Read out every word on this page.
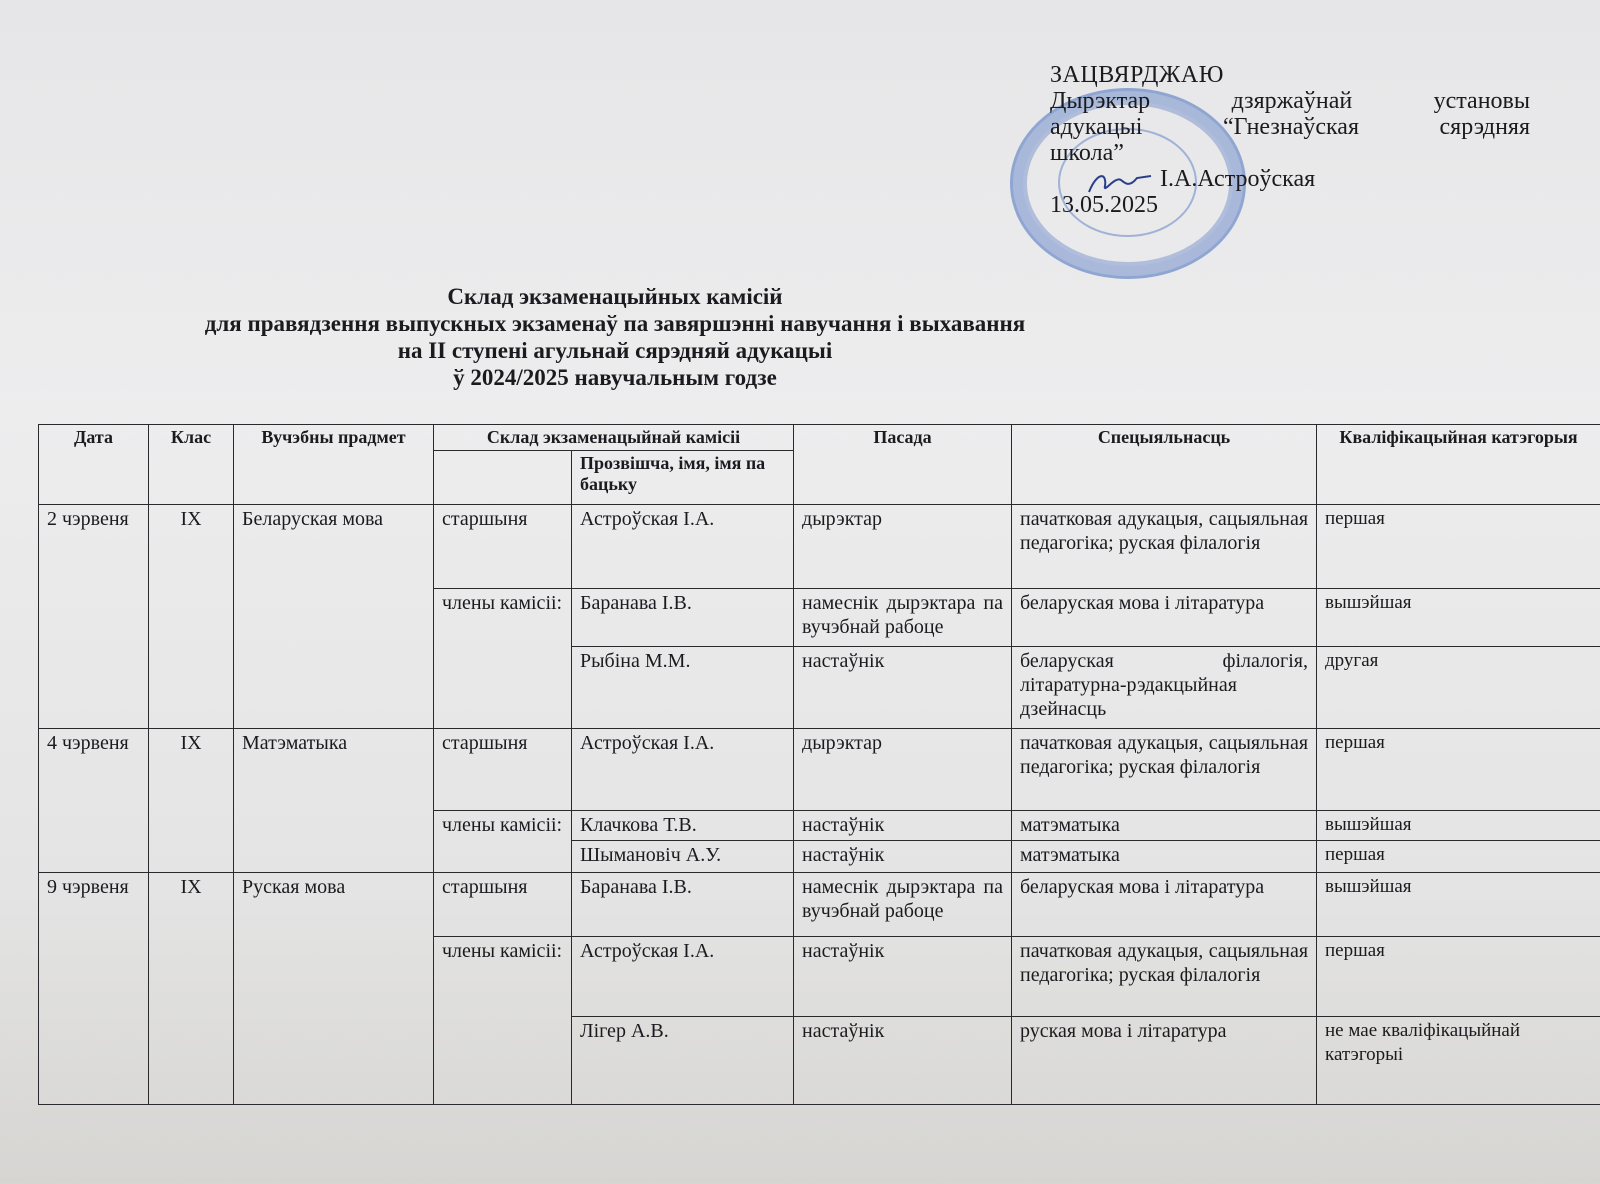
ЗАЦВЯРДЖАЮ
Дырэктар дзяржаўнай установы
адукацыі “Гнезнаўская сярэдняя
школа”
І.А.Астроўская
13.05.2025
Склад экзаменацыйных камісій
для правядзення выпускных экзаменаў па завяршэнні навучання і выхавання
на ІІ ступені агульнай сярэдняй адукацыі
ў 2024/2025 навучальным годзе
Дата	Клас	Вучэбны прадмет	Склад экзаменацыйнай камісіі		Пасада	Спецыяльнасць	Кваліфікацыйная катэгорыя
				Прозвішча, імя, імя па бацьку			
2 чэрвеня	IX	Беларуская мова	старшыня	Астроўская І.А.	дырэктар	пачатковая адукацыя, сацыяльная педагогіка; руская філалогія	першая
			члены камісіі:	Баранава І.В.	намеснік дырэктара па вучэбнай рабоце	беларуская мова і літаратура	вышэйшая
				Рыбіна М.М.	настаўнік	беларуская філалогія, літаратурна-рэдакцыйная дзейнасць	другая
4 чэрвеня	IX	Матэматыка	старшыня	Астроўская І.А.	дырэктар	пачатковая адукацыя, сацыяльная педагогіка; руская філалогія	першая
			члены камісіі:	Клачкова Т.В.	настаўнік	матэматыка	вышэйшая
				Шымановіч А.У.	настаўнік	матэматыка	першая
9 чэрвеня	IX	Руская мова	старшыня	Баранава І.В.	намеснік дырэктара па вучэбнай рабоце	беларуская мова і літаратура	вышэйшая
			члены камісіі:	Астроўская І.А.	настаўнік	пачатковая адукацыя, сацыяльная педагогіка; руская філалогія	першая
				Лігер А.В.	настаўнік	руская мова і літаратура	не мае кваліфікацыйнай катэгорыі
